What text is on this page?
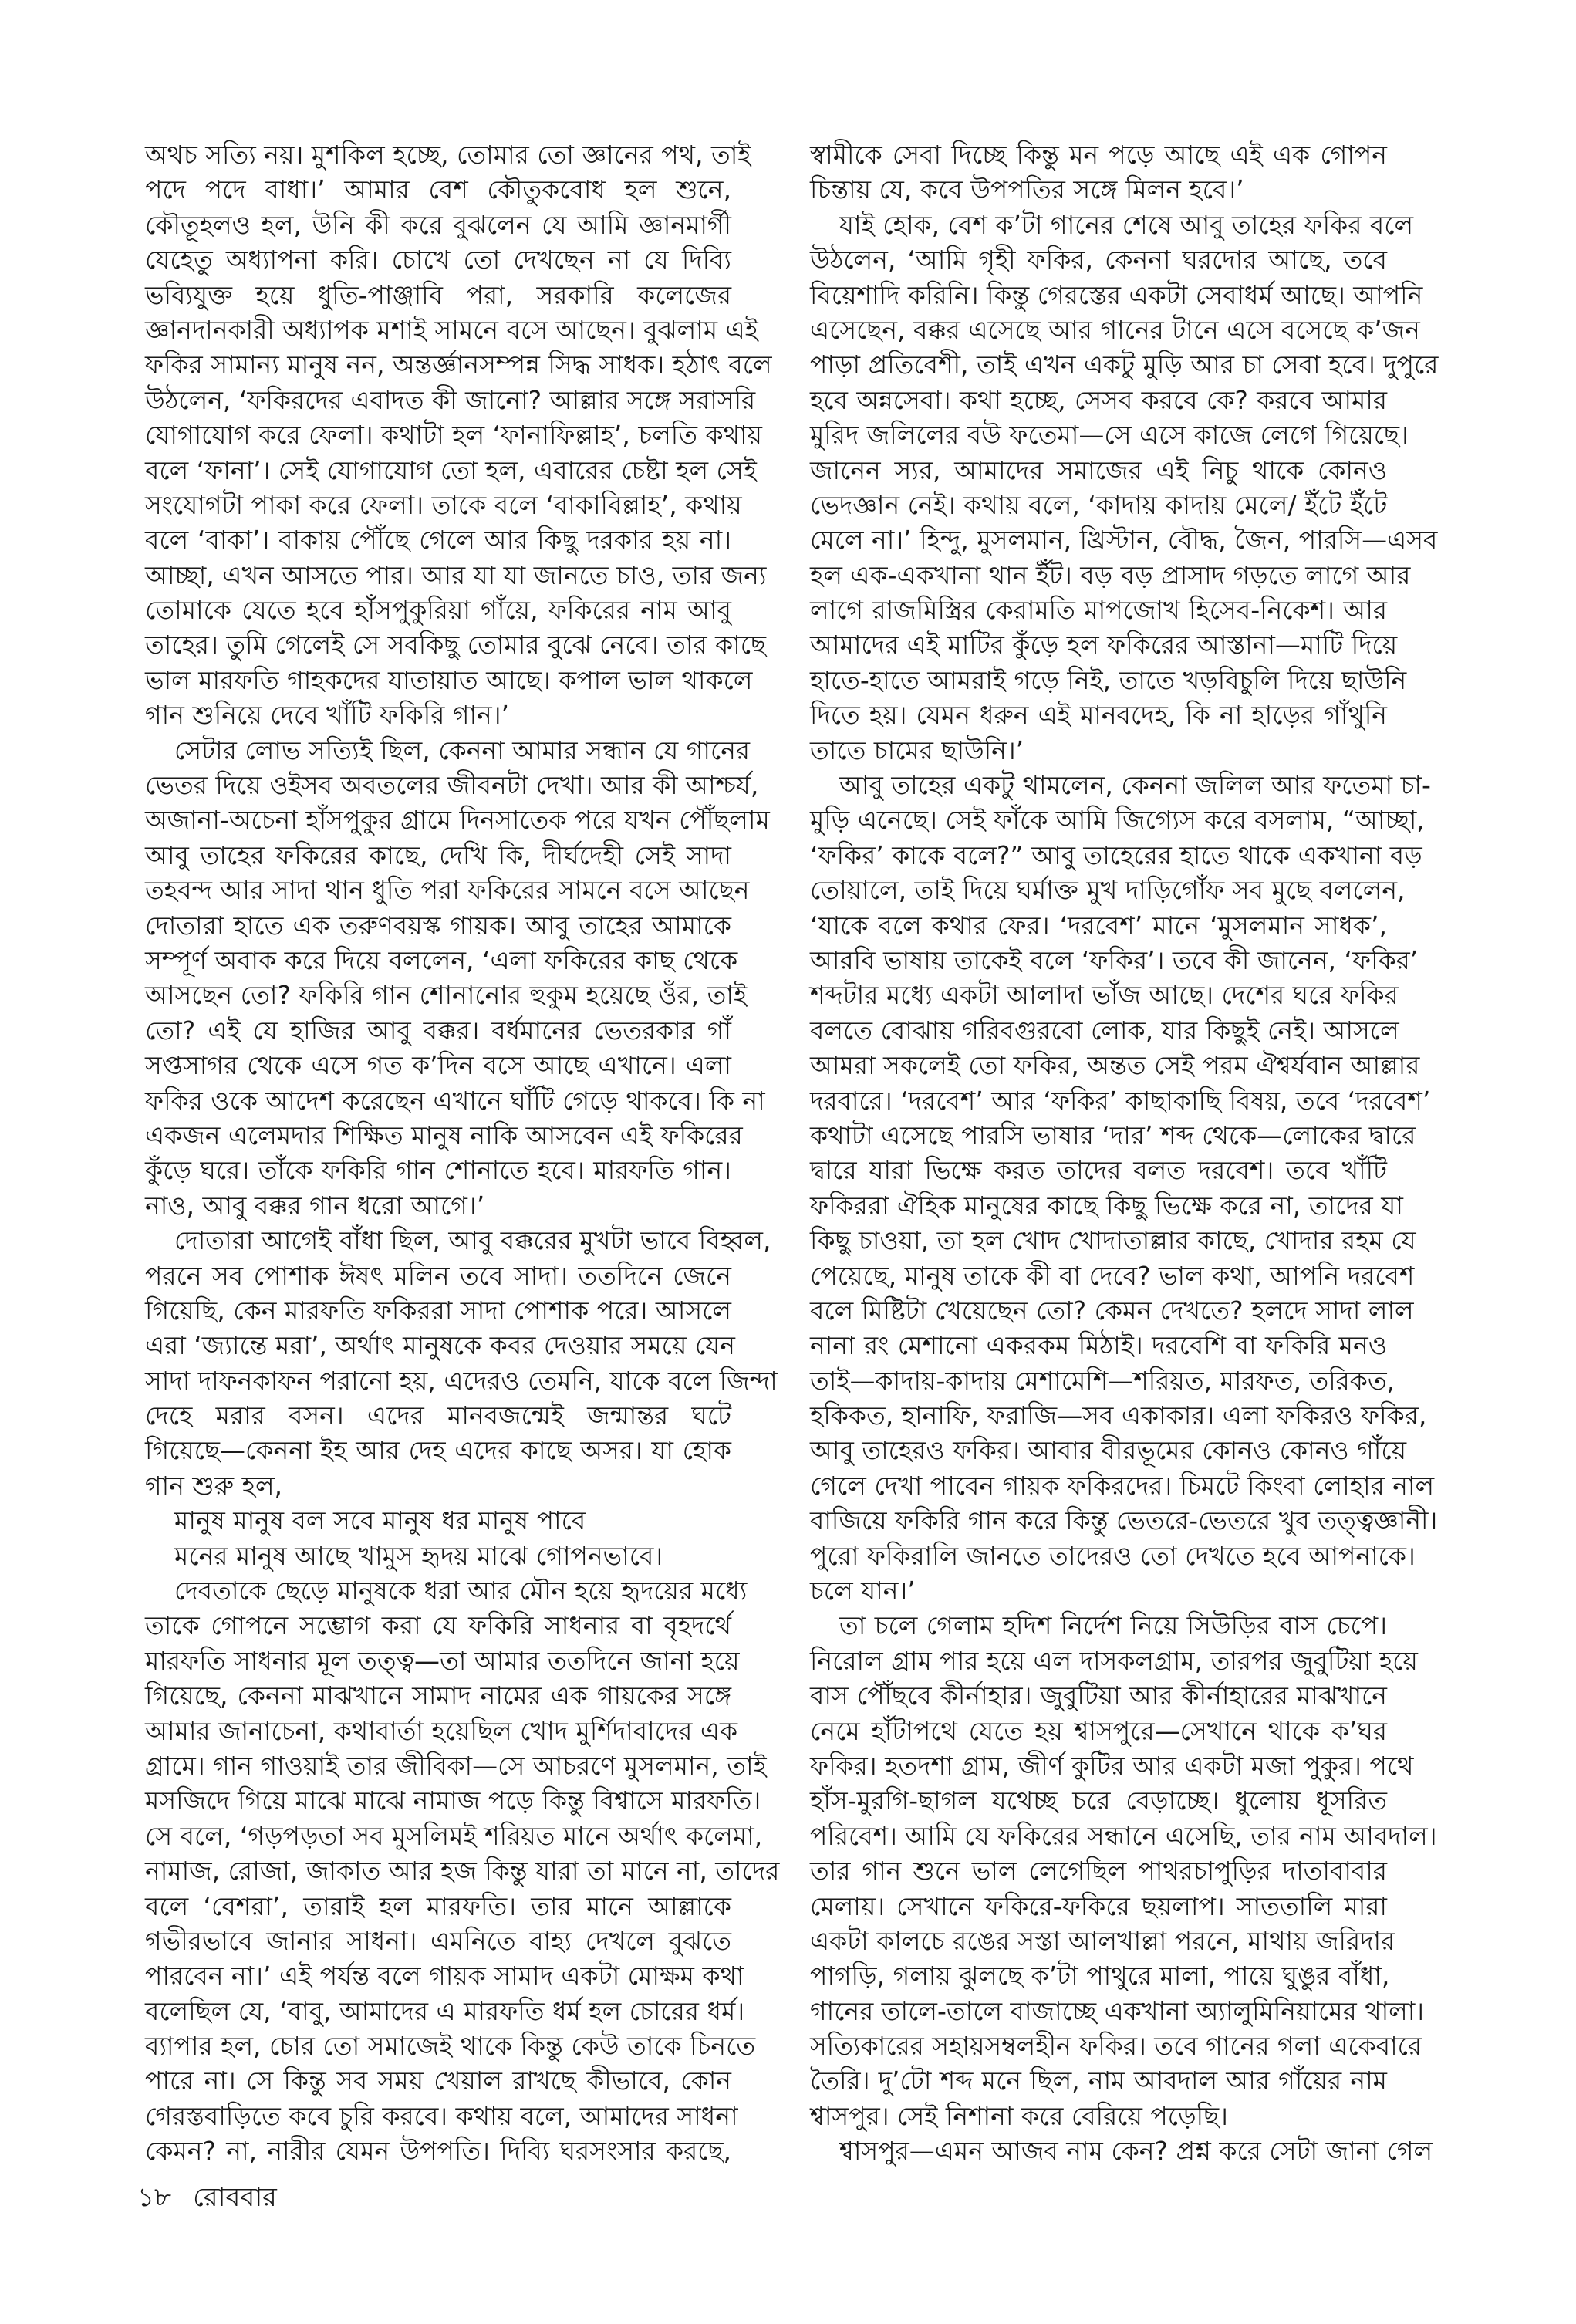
অথচ সত্যি নয়। মুশকিল হচ্ছে, তোমার তো জ্ঞানের পথ, তাই
পদে পদে বাধা।’ আমার বেশ কৌতুকবোধ হল শুনে,
কৌতূহলও হল, উনি কী করে বুঝলেন যে আমি জ্ঞানমার্গী
যেহেতু অধ্যাপনা করি। চোখে তো দেখছেন না যে দিব্যি
ভব্যিযুক্ত হয়ে ধুতি-পাঞ্জাবি পরা, সরকারি কলেজের
জ্ঞানদানকারী অধ্যাপক মশাই সামনে বসে আছেন। বুঝলাম এই
ফকির সামান্য মানুষ নন, অন্তর্জ্ঞানসম্পন্ন সিদ্ধ সাধক। হঠাৎ বলে
উঠলেন, ‘ফকিরদের এবাদত কী জানো? আল্লার সঙ্গে সরাসরি
যোগাযোগ করে ফেলা। কথাটা হল ‘ফানাফিল্লাহ’, চলতি কথায়
বলে ‘ফানা’। সেই যোগাযোগ তো হল, এবারের চেষ্টা হল সেই
সংযোগটা পাকা করে ফেলা। তাকে বলে ‘বাকাবিল্লাহ’, কথায়
বলে ‘বাকা’। বাকায় পৌঁছে গেলে আর কিছু দরকার হয় না।
আচ্ছা, এখন আসতে পার। আর যা যা জানতে চাও, তার জন্য
তোমাকে যেতে হবে হাঁসপুকুরিয়া গাঁয়ে, ফকিরের নাম আবু
তাহের। তুমি গেলেই সে সবকিছু তোমার বুঝে নেবে। তার কাছে
ভাল মারফতি গাহকদের যাতায়াত আছে। কপাল ভাল থাকলে
গান শুনিয়ে দেবে খাঁটি ফকিরি গান।’
সেটার লোভ সত্যিই ছিল, কেননা আমার সন্ধান যে গানের
ভেতর দিয়ে ওইসব অবতলের জীবনটা দেখা। আর কী আশ্চর্য,
অজানা-অচেনা হাঁসপুকুর গ্রামে দিনসাতেক পরে যখন পৌঁছলাম
আবু তাহের ফকিরের কাছে, দেখি কি, দীর্ঘদেহী সেই সাদা
তহবন্দ আর সাদা থান ধুতি পরা ফকিরের সামনে বসে আছেন
দোতারা হাতে এক তরুণবয়স্ক গায়ক। আবু তাহের আমাকে
সম্পূর্ণ অবাক করে দিয়ে বললেন, ‘এলা ফকিরের কাছ থেকে
আসছেন তো? ফকিরি গান শোনানোর হুকুম হয়েছে ওঁর, তাই
তো? এই যে হাজির আবু বক্কর। বর্ধমানের ভেতরকার গাঁ
সপ্তসাগর থেকে এসে গত ক’দিন বসে আছে এখানে। এলা
ফকির ওকে আদেশ করেছেন এখানে ঘাঁটি গেড়ে থাকবে। কি না
একজন এলেমদার শিক্ষিত মানুষ নাকি আসবেন এই ফকিরের
কুঁড়ে ঘরে। তাঁকে ফকিরি গান শোনাতে হবে। মারফতি গান।
নাও, আবু বক্কর গান ধরো আগে।’
দোতারা আগেই বাঁধা ছিল, আবু বক্করের মুখটা ভাবে বিহ্বল,
পরনে সব পোশাক ঈষৎ মলিন তবে সাদা। ততদিনে জেনে
গিয়েছি, কেন মারফতি ফকিররা সাদা পোশাক পরে। আসলে
এরা ‘জ্যান্তে মরা’, অর্থাৎ মানুষকে কবর দেওয়ার সময়ে যেন
সাদা দাফনকাফন পরানো হয়, এদেরও তেমনি, যাকে বলে জিন্দা
দেহে মরার বসন। এদের মানবজন্মেই জন্মান্তর ঘটে
গিয়েছে—কেননা ইহ আর দেহ এদের কাছে অসর। যা হোক
গান শুরু হল,
মানুষ মানুষ বল সবে মানুষ ধর মানুষ পাবে
মনের মানুষ আছে খামুস হৃদয় মাঝে গোপনভাবে।
দেবতাকে ছেড়ে মানুষকে ধরা আর মৌন হয়ে হৃদয়ের মধ্যে
তাকে গোপনে সম্ভোগ করা যে ফকিরি সাধনার বা বৃহদর্থে
মারফতি সাধনার মূল তত্ত্ব—তা আমার ততদিনে জানা হয়ে
গিয়েছে, কেননা মাঝখানে সামাদ নামের এক গায়কের সঙ্গে
আমার জানাচেনা, কথাবার্তা হয়েছিল খোদ মুর্শিদাবাদের এক
গ্রামে। গান গাওয়াই তার জীবিকা—সে আচরণে মুসলমান, তাই
মসজিদে গিয়ে মাঝে মাঝে নামাজ পড়ে কিন্তু বিশ্বাসে মারফতি।
সে বলে, ‘গড়পড়তা সব মুসলিমই শরিয়ত মানে অর্থাৎ কলেমা,
নামাজ, রোজা, জাকাত আর হজ কিন্তু যারা তা মানে না, তাদের
বলে ‘বেশরা’, তারাই হল মারফতি। তার মানে আল্লাকে
গভীরভাবে জানার সাধনা। এমনিতে বাহ্য দেখলে বুঝতে
পারবেন না।’ এই পর্যন্ত বলে গায়ক সামাদ একটা মোক্ষম কথা
বলেছিল যে, ‘বাবু, আমাদের এ মারফতি ধর্ম হল চোরের ধর্ম।
ব্যাপার হল, চোর তো সমাজেই থাকে কিন্তু কেউ তাকে চিনতে
পারে না। সে কিন্তু সব সময় খেয়াল রাখছে কীভাবে, কোন
গেরস্তবাড়িতে কবে চুরি করবে। কথায় বলে, আমাদের সাধনা
কেমন? না, নারীর যেমন উপপতি। দিব্যি ঘরসংসার করছে,
স্বামীকে সেবা দিচ্ছে কিন্তু মন পড়ে আছে এই এক গোপন
চিন্তায় যে, কবে উপপতির সঙ্গে মিলন হবে।’
যাই হোক, বেশ ক’টা গানের শেষে আবু তাহের ফকির বলে
উঠলেন, ‘আমি গৃহী ফকির, কেননা ঘরদোর আছে, তবে
বিয়েশাদি করিনি। কিন্তু গেরস্তের একটা সেবাধর্ম আছে। আপনি
এসেছেন, বক্কর এসেছে আর গানের টানে এসে বসেছে ক’জন
পাড়া প্রতিবেশী, তাই এখন একটু মুড়ি আর চা সেবা হবে। দুপুরে
হবে অন্নসেবা। কথা হচ্ছে, সেসব করবে কে? করবে আমার
মুরিদ জলিলের বউ ফতেমা—সে এসে কাজে লেগে গিয়েছে।
জানেন স্যর, আমাদের সমাজের এই নিচু থাকে কোনও
ভেদজ্ঞান নেই। কথায় বলে, ‘কাদায় কাদায় মেলে/ ইঁটে ইঁটে
মেলে না।’ হিন্দু, মুসলমান, খ্রিস্টান, বৌদ্ধ, জৈন, পারসি—এসব
হল এক-একখানা থান ইঁট। বড় বড় প্রাসাদ গড়তে লাগে আর
লাগে রাজমিস্ত্রির কেরামতি মাপজোখ হিসেব-নিকেশ। আর
আমাদের এই মাটির কুঁড়ে হল ফকিরের আস্তানা—মাটি দিয়ে
হাতে-হাতে আমরাই গড়ে নিই, তাতে খড়বিচুলি দিয়ে ছাউনি
দিতে হয়। যেমন ধরুন এই মানবদেহ, কি না হাড়ের গাঁথুনি
তাতে চামের ছাউনি।’
আবু তাহের একটু থামলেন, কেননা জলিল আর ফতেমা চা-
মুড়ি এনেছে। সেই ফাঁকে আমি জিগ্যেস করে বসলাম, “আচ্ছা,
‘ফকির’ কাকে বলে?” আবু তাহেরের হাতে থাকে একখানা বড়
তোয়ালে, তাই দিয়ে ঘর্মাক্ত মুখ দাড়িগোঁফ সব মুছে বললেন,
‘যাকে বলে কথার ফের। ‘দরবেশ’ মানে ‘মুসলমান সাধক’,
আরবি ভাষায় তাকেই বলে ‘ফকির’। তবে কী জানেন, ‘ফকির’
শব্দটার মধ্যে একটা আলাদা ভাঁজ আছে। দেশের ঘরে ফকির
বলতে বোঝায় গরিবগুরবো লোক, যার কিছুই নেই। আসলে
আমরা সকলেই তো ফকির, অন্তত সেই পরম ঐশ্বর্যবান আল্লার
দরবারে। ‘দরবেশ’ আর ‘ফকির’ কাছাকাছি বিষয়, তবে ‘দরবেশ’
কথাটা এসেছে পারসি ভাষার ‘দার’ শব্দ থেকে—লোকের দ্বারে
দ্বারে যারা ভিক্ষে করত তাদের বলত দরবেশ। তবে খাঁটি
ফকিররা ঐহিক মানুষের কাছে কিছু ভিক্ষে করে না, তাদের যা
কিছু চাওয়া, তা হল খোদ খোদাতাল্লার কাছে, খোদার রহম যে
পেয়েছে, মানুষ তাকে কী বা দেবে? ভাল কথা, আপনি দরবেশ
বলে মিষ্টিটা খেয়েছেন তো? কেমন দেখতে? হলদে সাদা লাল
নানা রং মেশানো একরকম মিঠাই। দরবেশি বা ফকিরি মনও
তাই—কাদায়-কাদায় মেশামেশি—শরিয়ত, মারফত, তরিকত,
হকিকত, হানাফি, ফরাজি—সব একাকার। এলা ফকিরও ফকির,
আবু তাহেরও ফকির। আবার বীরভূমের কোনও কোনও গাঁয়ে
গেলে দেখা পাবেন গায়ক ফকিরদের। চিমটে কিংবা লোহার নাল
বাজিয়ে ফকিরি গান করে কিন্তু ভেতরে-ভেতরে খুব তত্ত্বজ্ঞানী।
পুরো ফকিরালি জানতে তাদেরও তো দেখতে হবে আপনাকে।
চলে যান।’
তা চলে গেলাম হদিশ নির্দেশ নিয়ে সিউড়ির বাস চেপে।
নিরোল গ্রাম পার হয়ে এল দাসকলগ্রাম, তারপর জুবুটিয়া হয়ে
বাস পৌঁছবে কীর্নাহার। জুবুটিয়া আর কীর্নাহারের মাঝখানে
নেমে হাঁটাপথে যেতে হয় শ্বাসপুরে—সেখানে থাকে ক’ঘর
ফকির। হতদশা গ্রাম, জীর্ণ কুটির আর একটা মজা পুকুর। পথে
হাঁস-মুরগি-ছাগল যথেচ্ছ চরে বেড়াচ্ছে। ধুলোয় ধূসরিত
পরিবেশ। আমি যে ফকিরের সন্ধানে এসেছি, তার নাম আবদাল।
তার গান শুনে ভাল লেগেছিল পাথরচাপুড়ির দাতাবাবার
মেলায়। সেখানে ফকিরে-ফকিরে ছয়লাপ। সাততালি মারা
একটা কালচে রঙের সস্তা আলখাল্লা পরনে, মাথায় জরিদার
পাগড়ি, গলায় ঝুলছে ক’টা পাথুরে মালা, পায়ে ঘুঙুর বাঁধা,
গানের তালে-তালে বাজাচ্ছে একখানা অ্যালুমিনিয়ামের থালা।
সত্যিকারের সহায়সম্বলহীন ফকির। তবে গানের গলা একেবারে
তৈরি। দু’টো শব্দ মনে ছিল, নাম আবদাল আর গাঁয়ের নাম
শ্বাসপুর। সেই নিশানা করে বেরিয়ে পড়েছি।
শ্বাসপুর—এমন আজব নাম কেন? প্রশ্ন করে সেটা জানা গেল
১৮ রোববার
